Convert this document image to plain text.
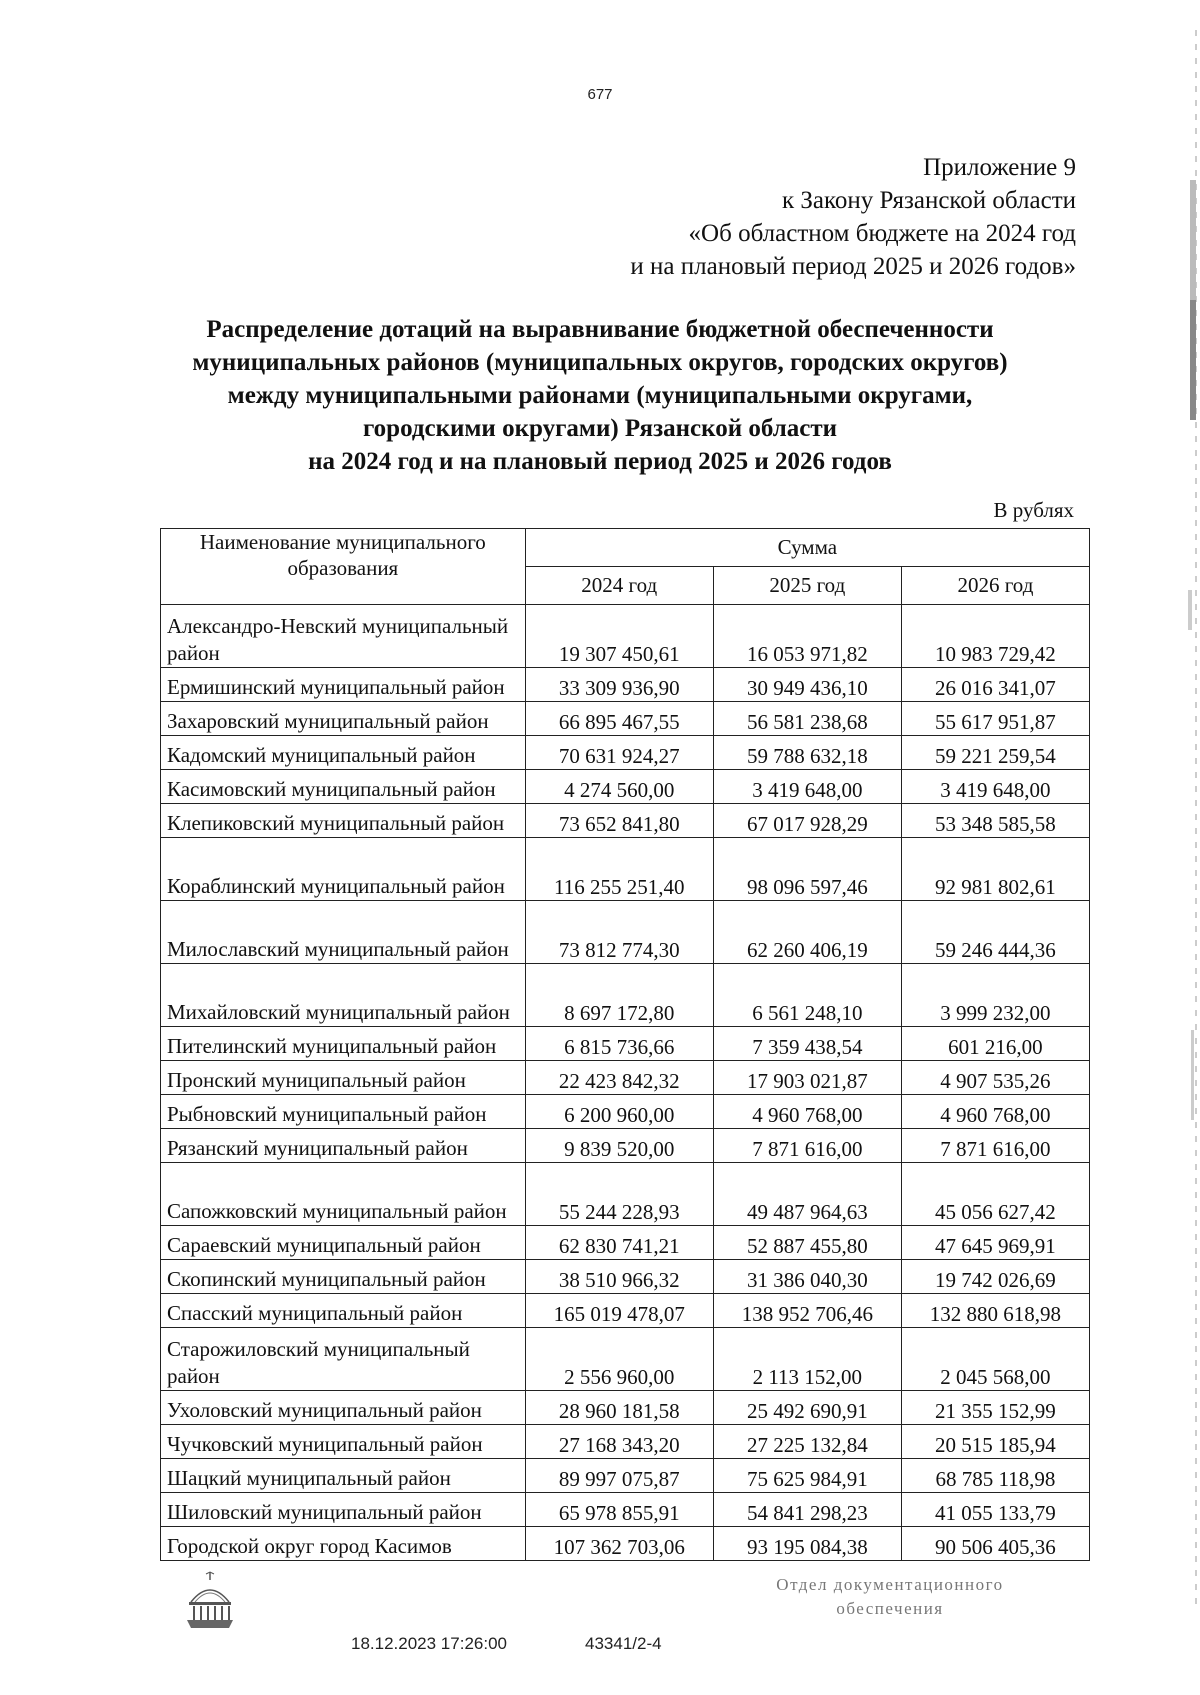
677
Приложение 9
к Закону Рязанской области
«Об областном бюджете на 2024 год
и на плановый период 2025 и 2026 годов»
Распределение дотаций на выравнивание бюджетной обеспеченности
муниципальных районов (муниципальных округов, городских округов)
между муниципальными районами (муниципальными округами,
городскими округами) Рязанской области
на 2024 год и на плановый период 2025 и 2026 годов
В рублях
Наименование муниципального образования	Сумма		
	2024 год	2025 год	2026 год
Александро-Невский муниципальный район	19 307 450,61	16 053 971,82	10 983 729,42
Ермишинский муниципальный район	33 309 936,90	30 949 436,10	26 016 341,07
Захаровский муниципальный район	66 895 467,55	56 581 238,68	55 617 951,87
Кадомский муниципальный район	70 631 924,27	59 788 632,18	59 221 259,54
Касимовский муниципальный район	4 274 560,00	3 419 648,00	3 419 648,00
Клепиковский муниципальный район	73 652 841,80	67 017 928,29	53 348 585,58
Кораблинский муниципальный район	116 255 251,40	98 096 597,46	92 981 802,61
Милославский муниципальный район	73 812 774,30	62 260 406,19	59 246 444,36
Михайловский муниципальный район	8 697 172,80	6 561 248,10	3 999 232,00
Пителинский муниципальный район	6 815 736,66	7 359 438,54	601 216,00
Пронский муниципальный район	22 423 842,32	17 903 021,87	4 907 535,26
Рыбновский муниципальный район	6 200 960,00	4 960 768,00	4 960 768,00
Рязанский муниципальный район	9 839 520,00	7 871 616,00	7 871 616,00
Сапожковский муниципальный район	55 244 228,93	49 487 964,63	45 056 627,42
Сараевский муниципальный район	62 830 741,21	52 887 455,80	47 645 969,91
Скопинский муниципальный район	38 510 966,32	31 386 040,30	19 742 026,69
Спасский муниципальный район	165 019 478,07	138 952 706,46	132 880 618,98
Старожиловский муниципальный район	2 556 960,00	2 113 152,00	2 045 568,00
Ухоловский муниципальный район	28 960 181,58	25 492 690,91	21 355 152,99
Чучковский муниципальный район	27 168 343,20	27 225 132,84	20 515 185,94
Шацкий муниципальный район	89 997 075,87	75 625 984,91	68 785 118,98
Шиловский муниципальный район	65 978 855,91	54 841 298,23	41 055 133,79
Городской округ город Касимов	107 362 703,06	93 195 084,38	90 506 405,36
18.12.2023 17:26:00	43341/2-4
Отдел документационного
обеспечения
